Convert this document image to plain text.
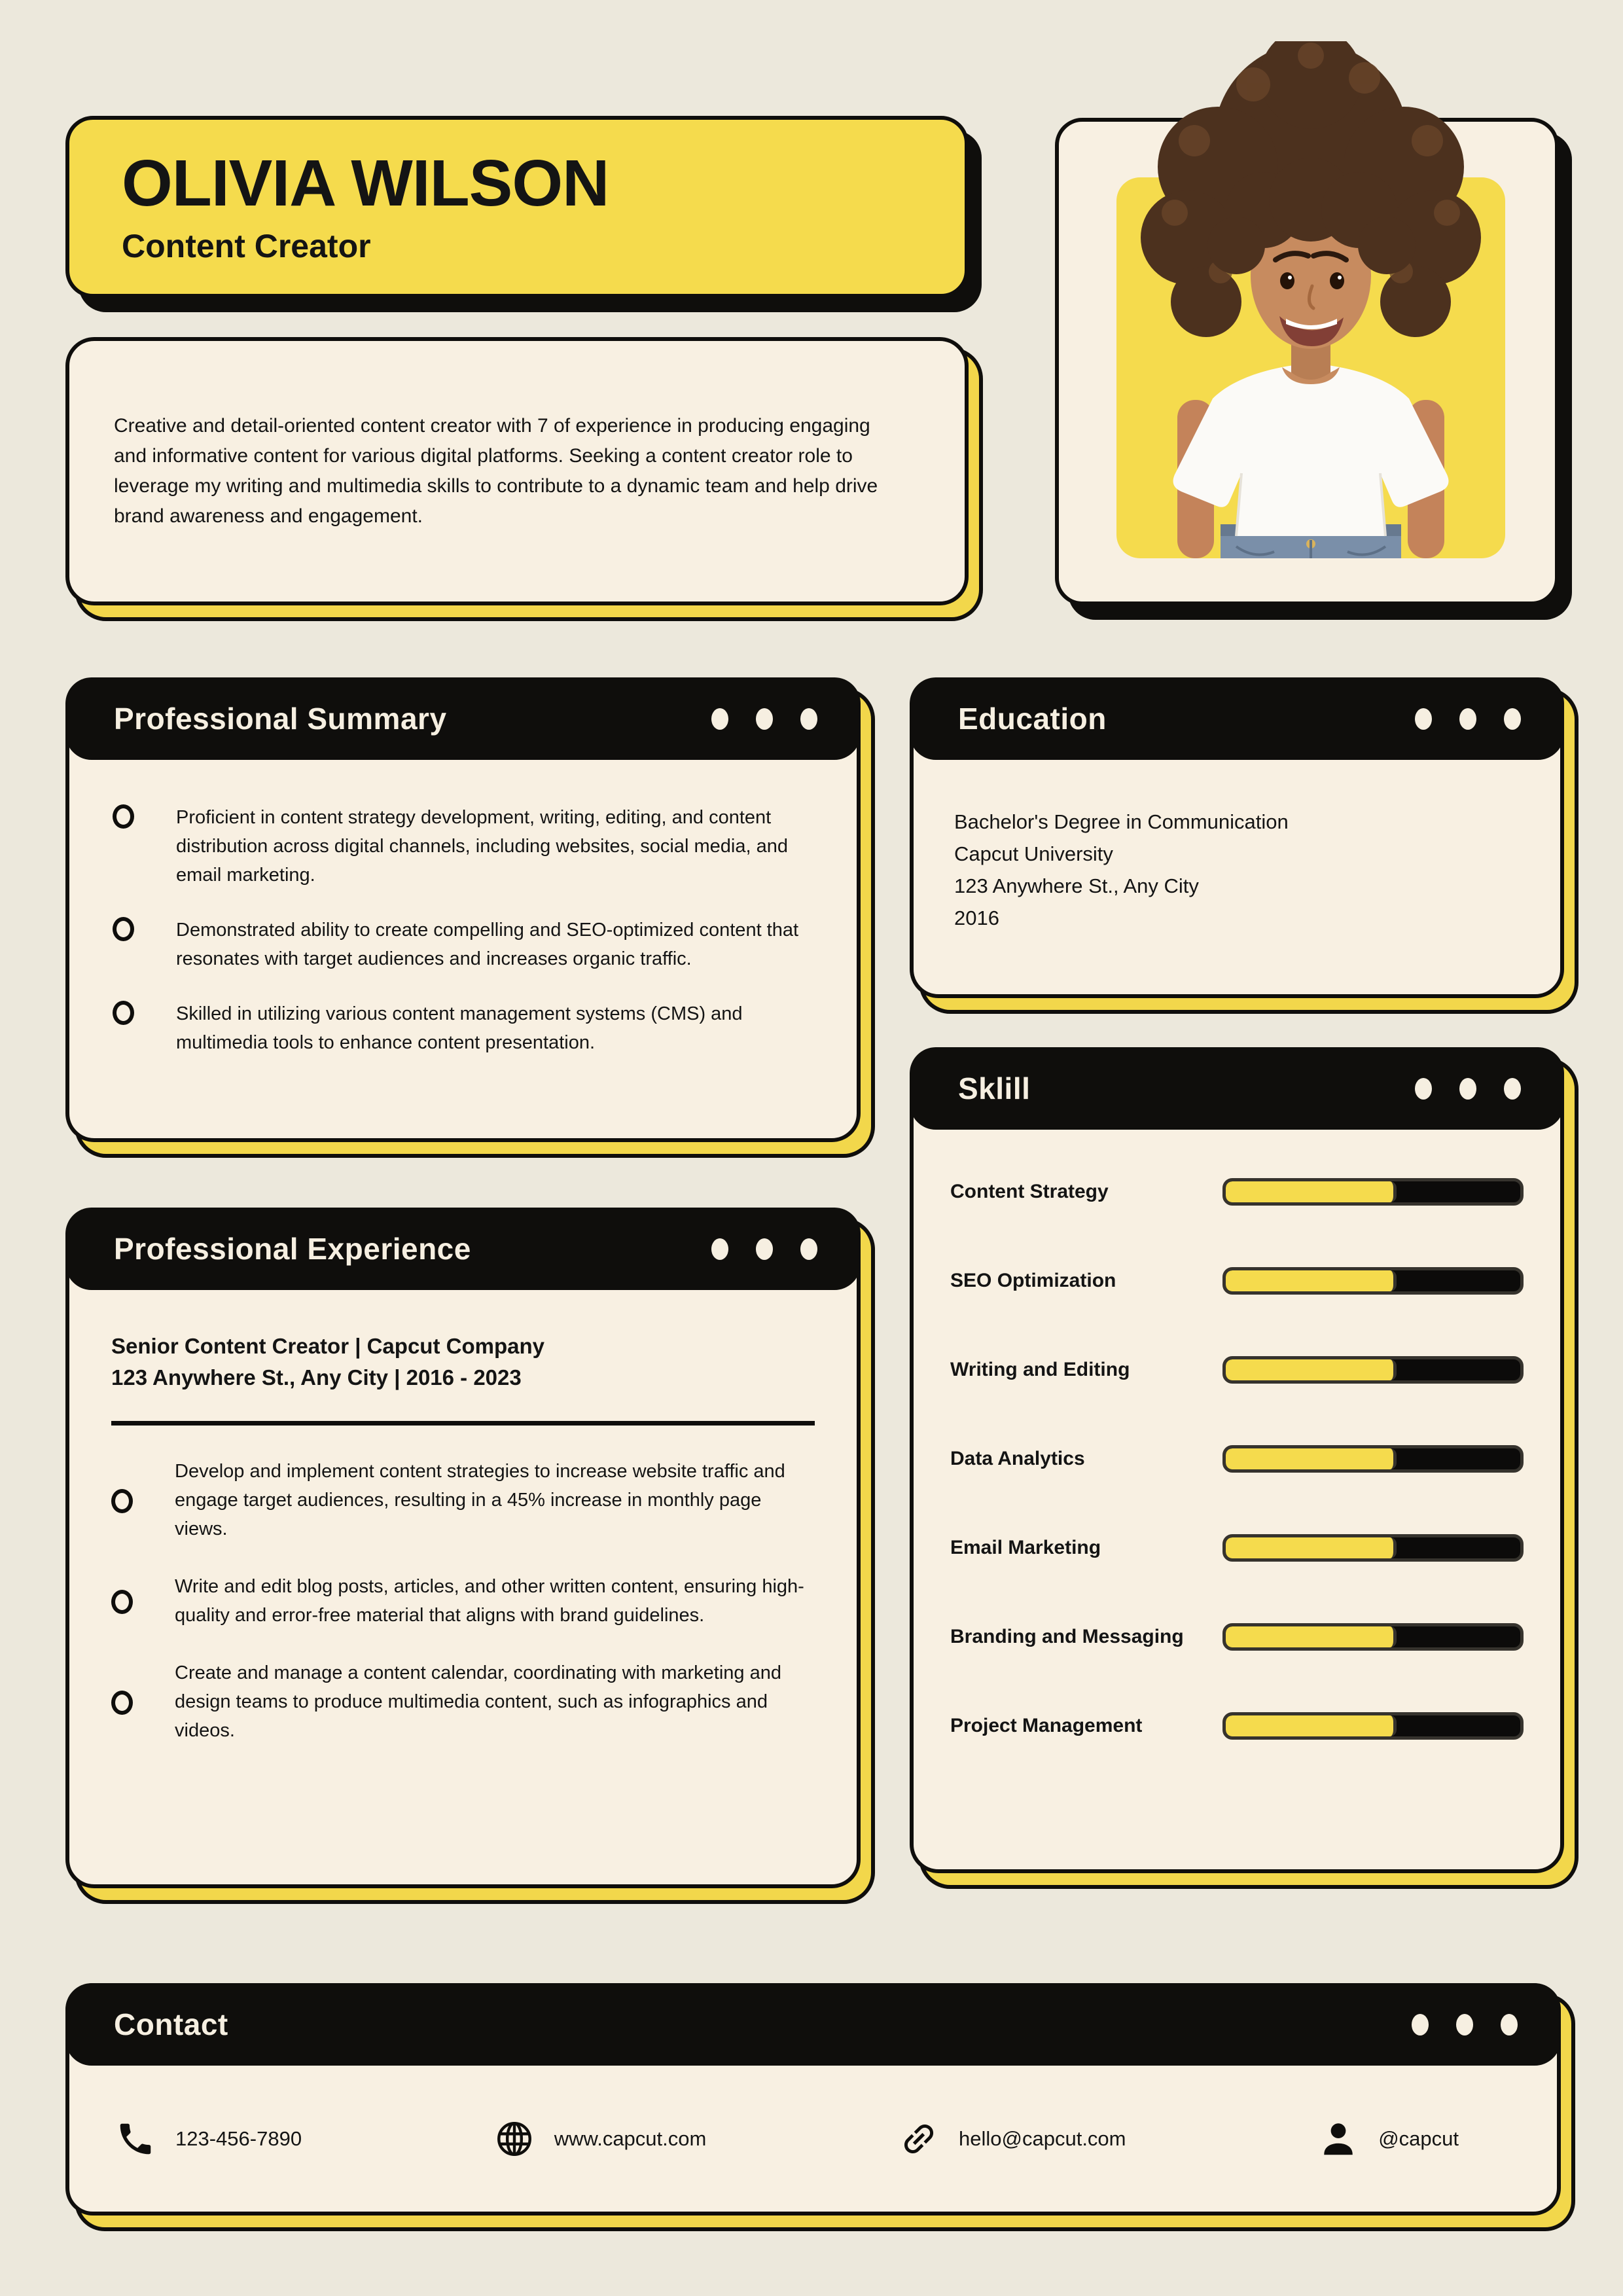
OLIVIA WILSON
Content Creator

Creative and detail-oriented content creator with 7 of experience in producing engaging and informative content for various digital platforms. Seeking a content creator role to leverage my writing and multimedia skills to contribute to a dynamic team and help drive brand awareness and engagement.

Professional Summary
Proficient in content strategy development, writing, editing, and content distribution across digital channels, including websites, social media, and email marketing.
Demonstrated ability to create compelling and SEO-optimized content that resonates with target audiences and increases organic traffic.
Skilled in utilizing various content management systems (CMS) and multimedia tools to enhance content presentation.
Education
Bachelor's Degree in Communication
Capcut University
123 Anywhere St., Any City
2016
Sklill
Content Strategy
SEO Optimization
Writing and Editing
Data Analytics
Email Marketing
Branding and Messaging
Project Management
Professional Experience
Senior Content Creator | Capcut Company
123 Anywhere St., Any City | 2016 - 2023
Develop and implement content strategies to increase website traffic and engage target audiences, resulting in a 45% increase in monthly page views.
Write and edit blog posts, articles, and other written content, ensuring high-quality and error-free material that aligns with brand guidelines.
Create and manage a content calendar, coordinating with marketing and design teams to produce multimedia content, such as infographics and videos.
Contact
123-456-7890	www.capcut.com	hello@capcut.com	@capcut
